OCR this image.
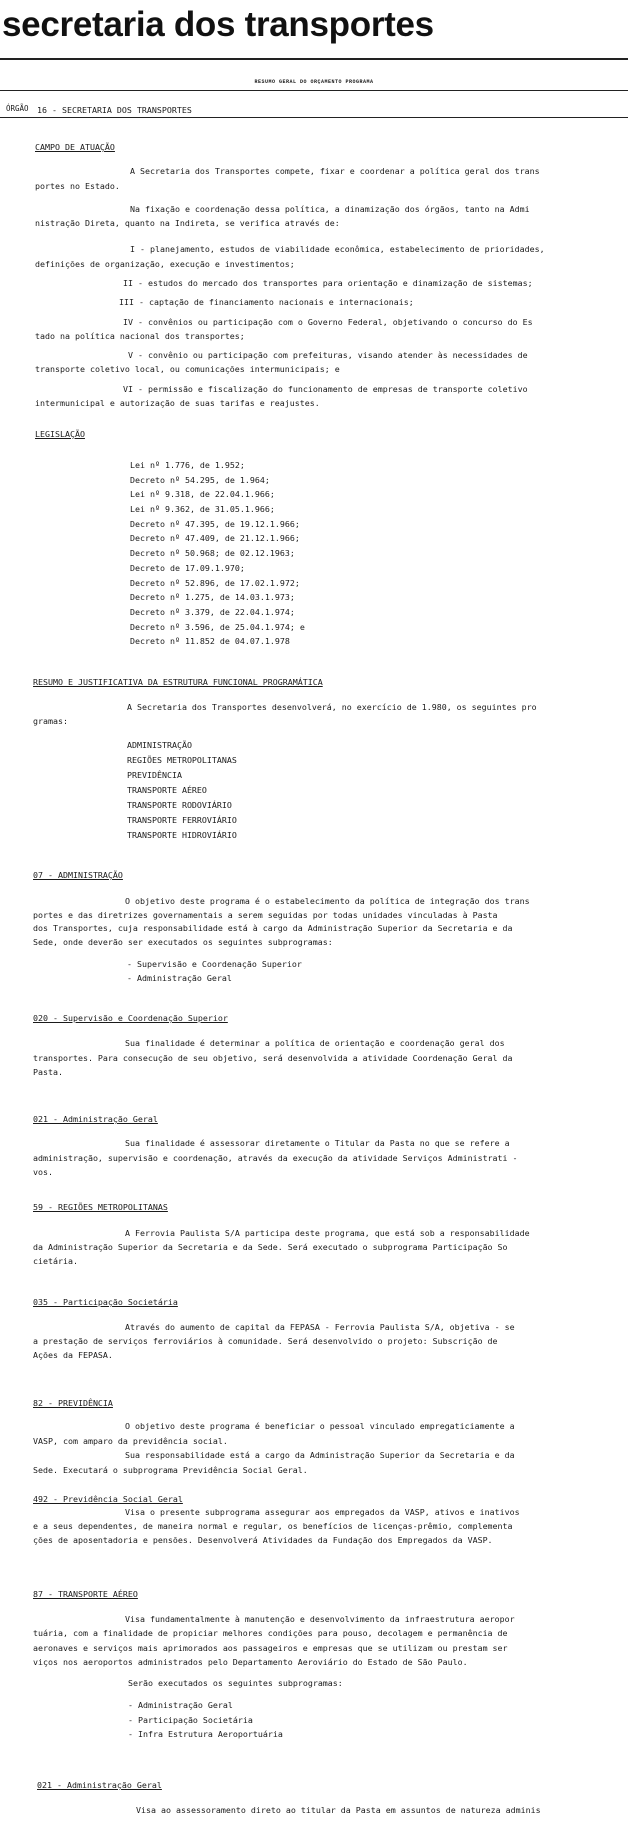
secretaria dos transportes
RESUMO GERAL DO ORÇAMENTO PROGRAMA
ÓRGÃO 16 - SECRETARIA DOS TRANSPORTES
CAMPO DE ATUAÇÃO
A Secretaria dos Transportes compete, fixar e coordenar a política geral dos trans
portes no Estado.
Na fixação e coordenação dessa política, a dinamização dos órgãos, tanto na Admi
nistração Direta, quanto na Indireta, se verifica através de:
I - planejamento, estudos de viabilidade econômica, estabelecimento de prioridades,
definições de organização, execução e investimentos;
II - estudos do mercado dos transportes para orientação e dinamização de sistemas;
III - captação de financiamento nacionais e internacionais;
IV - convênios ou participação com o Governo Federal, objetivando o concurso do Es
tado na política nacional dos transportes;
V - convênio ou participação com prefeituras, visando atender às necessidades de
transporte coletivo local, ou comunicações intermunicipais; e
VI - permissão e fiscalização do funcionamento de empresas de transporte coletivo
intermunicipal e autorização de suas tarifas e reajustes.
LEGISLAÇÃO
Lei nº 1.776, de 1.952;
Decreto nº 54.295, de 1.964;
Lei nº 9.318, de 22.04.1.966;
Lei nº 9.362, de 31.05.1.966;
Decreto nº 47.395, de 19.12.1.966;
Decreto nº 47.409, de 21.12.1.966;
Decreto nº 50.968; de 02.12.1963;
Decreto de 17.09.1.970;
Decreto nº 52.896, de 17.02.1.972;
Decreto nº 1.275, de 14.03.1.973;
Decreto nº 3.379, de 22.04.1.974;
Decreto nº 3.596, de 25.04.1.974; e
Decreto nº 11.852 de 04.07.1.978
RESUMO E JUSTIFICATIVA DA ESTRUTURA FUNCIONAL PROGRAMÁTICA
A Secretaria dos Transportes desenvolverá, no exercício de 1.980, os seguintes pro
gramas:
ADMINISTRAÇÃO
REGIÕES METROPOLITANAS
PREVIDÊNCIA
TRANSPORTE AÉREO
TRANSPORTE RODOVIÁRIO
TRANSPORTE FERROVIÁRIO
TRANSPORTE HIDROVIÁRIO
07 - ADMINISTRAÇÃO
O objetivo deste programa é o estabelecimento da política de integração dos trans
portes e das diretrizes governamentais a serem seguidas por todas unidades vinculadas à Pasta
dos Transportes, cuja responsabilidade está à cargo da Administração Superior da Secretaria e da
Sede, onde deverão ser executados os seguintes subprogramas:
- Supervisão e Coordenação Superior
- Administração Geral
020 - Supervisão e Coordenação Superior
Sua finalidade é determinar a política de orientação e coordenação geral dos
transportes. Para consecução de seu objetivo, será desenvolvida a atividade Coordenação Geral da
Pasta.
021 - Administração Geral
Sua finalidade é assessorar diretamente o Titular da Pasta no que se refere a
administração, supervisão e coordenação, através da execução da atividade Serviços Administrati -
vos.
59 - REGIÕES METROPOLITANAS
A Ferrovia Paulista S/A participa deste programa, que está sob a responsabilidade
da Administração Superior da Secretaria e da Sede. Será executado o subprograma Participação So
cietária.
035 - Participação Societária
Através do aumento de capital da FEPASA - Ferrovia Paulista S/A, objetiva - se
a prestação de serviços ferroviários à comunidade. Será desenvolvido o projeto: Subscrição de
Ações da FEPASA.
82 - PREVIDÊNCIA
O objetivo deste programa é beneficiar o pessoal vinculado empregaticiamente a
VASP, com amparo da previdência social.
Sua responsabilidade está a cargo da Administração Superior da Secretaria e da
Sede. Executará o subprograma Previdência Social Geral.
492 - Previdência Social Geral
Visa o presente subprograma assegurar aos empregados da VASP, ativos e inativos
e a seus dependentes, de maneira normal e regular, os benefícios de licenças-prêmio, complementa
ções de aposentadoria e pensões. Desenvolverá Atividades da Fundação dos Empregados da VASP.
87 - TRANSPORTE AÉREO
Visa fundamentalmente à manutenção e desenvolvimento da infraestrutura aeropor
tuária, com a finalidade de propiciar melhores condições para pouso, decolagem e permanência de
aeronaves e serviços mais aprimorados aos passageiros e empresas que se utilizam ou prestam ser
viços nos aeroportos administrados pelo Departamento Aeroviário do Estado de São Paulo.
Serão executados os seguintes subprogramas:
- Administração Geral
- Participação Societária
- Infra Estrutura Aeroportuária
021 - Administração Geral
Visa ao assessoramento direto ao titular da Pasta em assuntos de natureza adminis
